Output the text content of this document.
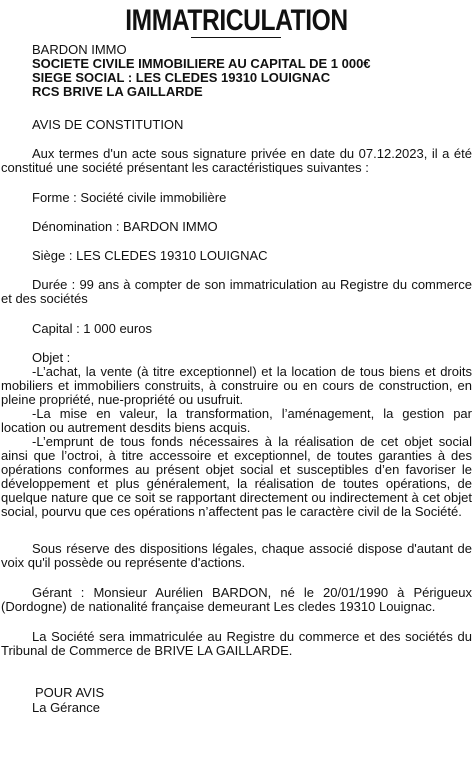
IMMATRICULATION
BARDON IMMO
SOCIETE CIVILE IMMOBILIERE AU CAPITAL DE 1 000€
SIEGE SOCIAL : LES CLEDES 19310 LOUIGNAC
RCS BRIVE LA GAILLARDE

AVIS DE CONSTITUTION

Aux termes d'un acte sous signature privée en date du 07.12.2023, il a été constitué une société présentant les caractéristiques suivantes :

Forme : Société civile immobilière

Dénomination : BARDON IMMO

Siège : LES CLEDES 19310 LOUIGNAC

Durée : 99 ans à compter de son immatriculation au Registre du commerce et des sociétés

Capital : 1 000 euros

Objet :

-L’achat, la vente (à titre exceptionnel) et la location de tous biens et droits mobiliers et immobiliers construits, à construire ou en cours de construction, en pleine propriété, nue-propriété ou usufruit.

-La mise en valeur, la transformation, l’aménagement, la gestion par location ou autrement desdits biens acquis.

-L’emprunt de tous fonds nécessaires à la réalisation de cet objet social ainsi que l’octroi, à titre accessoire et exceptionnel, de toutes garanties à des opérations conformes au présent objet social et susceptibles d’en favoriser le développement et plus généralement, la réalisation de toutes opérations, de quelque nature que ce soit se rapportant directement ou indirectement à cet objet social, pourvu que ces opérations n’affectent pas le caractère civil de la Société.

Sous réserve des dispositions légales, chaque associé dispose d'autant de voix qu'il possède ou représente d'actions.

Gérant : Monsieur Aurélien BARDON, né le 20/01/1990 à Périgueux (Dordogne) de nationalité française demeurant Les cledes 19310 Louignac.

La Société sera immatriculée au Registre du commerce et des sociétés du Tribunal de Commerce de BRIVE LA GAILLARDE.

POUR AVIS
La Gérance
